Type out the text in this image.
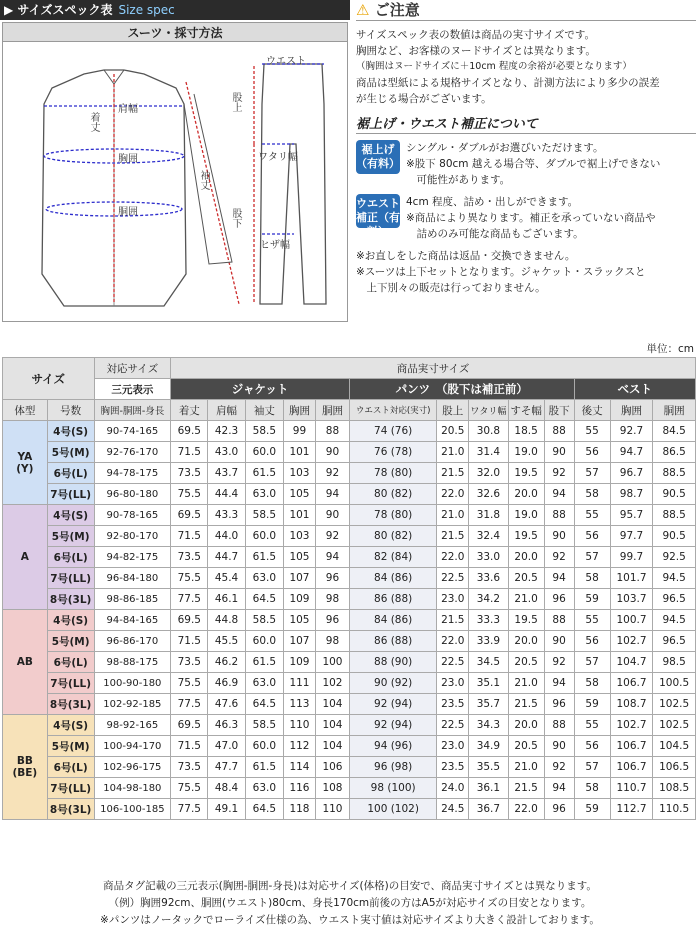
▶ サイズスペック表 Size spec
スーツ・採寸方法
肩幅
着丈
胸囲
胴囲
袖丈
ウエスト
股上
ワタリ幅
股下
ヒザ幅
⚠ ご注意

サイズスペック表の数値は商品の実寸サイズです。

胸囲など、お客様のヌードサイズとは異なります。

（胸囲はヌードサイズに＋10cm 程度の余裕が必要となります）

商品は型紙による規格サイズとなり、計測方法により多少の誤差

が生じる場合がございます。

裾上げ・ウエスト補正について
裾上げ（有料）

シングル・ダブルがお選びいただけます。

※股下 80cm 越える場合等、ダブルで裾上げできない

　可能性があります。

ウエスト補正（有料）

4cm 程度、詰め・出しができます。

※商品により異なります。補正を承っていない商品や

　詰めのみ可能な商品もございます。

※お直しをした商品は返品・交換できません。

※スーツは上下セットとなります。ジャケット・スラックスと

　上下別々の販売は行っておりません。

単位：cm
サイズ		対応サイズ	商品実寸サイズ												
		三元表示	ジャケット					パンツ　（股下は補正前）					ベスト		
体型	号数	胸囲-胴囲-身長	着丈	肩幅	袖丈	胸囲	胴囲	ウエスト対応(実寸)	股上	ワタリ幅	すそ幅	股下	後丈	胸囲	胴囲
YA
(Y)	4号(S)	90-74-165	69.5	42.3	58.5	99	88	74 (76)	20.5	30.8	18.5	88	55	92.7	84.5
	5号(M)	92-76-170	71.5	43.0	60.0	101	90	76 (78)	21.0	31.4	19.0	90	56	94.7	86.5
	6号(L)	94-78-175	73.5	43.7	61.5	103	92	78 (80)	21.5	32.0	19.5	92	57	96.7	88.5
	7号(LL)	96-80-180	75.5	44.4	63.0	105	94	80 (82)	22.0	32.6	20.0	94	58	98.7	90.5
A	4号(S)	90-78-165	69.5	43.3	58.5	101	90	78 (80)	21.0	31.8	19.0	88	55	95.7	88.5
	5号(M)	92-80-170	71.5	44.0	60.0	103	92	80 (82)	21.5	32.4	19.5	90	56	97.7	90.5
	6号(L)	94-82-175	73.5	44.7	61.5	105	94	82 (84)	22.0	33.0	20.0	92	57	99.7	92.5
	7号(LL)	96-84-180	75.5	45.4	63.0	107	96	84 (86)	22.5	33.6	20.5	94	58	101.7	94.5
	8号(3L)	98-86-185	77.5	46.1	64.5	109	98	86 (88)	23.0	34.2	21.0	96	59	103.7	96.5
AB	4号(S)	94-84-165	69.5	44.8	58.5	105	96	84 (86)	21.5	33.3	19.5	88	55	100.7	94.5
	5号(M)	96-86-170	71.5	45.5	60.0	107	98	86 (88)	22.0	33.9	20.0	90	56	102.7	96.5
	6号(L)	98-88-175	73.5	46.2	61.5	109	100	88 (90)	22.5	34.5	20.5	92	57	104.7	98.5
	7号(LL)	100-90-180	75.5	46.9	63.0	111	102	90 (92)	23.0	35.1	21.0	94	58	106.7	100.5
	8号(3L)	102-92-185	77.5	47.6	64.5	113	104	92 (94)	23.5	35.7	21.5	96	59	108.7	102.5
BB
(BE)	4号(S)	98-92-165	69.5	46.3	58.5	110	104	92 (94)	22.5	34.3	20.0	88	55	102.7	102.5
	5号(M)	100-94-170	71.5	47.0	60.0	112	104	94 (96)	23.0	34.9	20.5	90	56	106.7	104.5
	6号(L)	102-96-175	73.5	47.7	61.5	114	106	96 (98)	23.5	35.5	21.0	92	57	106.7	106.5
	7号(LL)	104-98-180	75.5	48.4	63.0	116	108	98 (100)	24.0	36.1	21.5	94	58	110.7	108.5
	8号(3L)	106-100-185	77.5	49.1	64.5	118	110	100 (102)	24.5	36.7	22.0	96	59	112.7	110.5

商品タグ記載の三元表示(胸囲-胴囲-身長)は対応サイズ(体格)の目安で、商品実寸サイズとは異なります。

（例）胸囲92cm、胴囲(ウエスト)80cm、身長170cm前後の方はA5が対応サイズの目安となります。

※パンツはノータックでローライズ仕様の為、ウエスト実寸値は対応サイズより大きく設計しております。
